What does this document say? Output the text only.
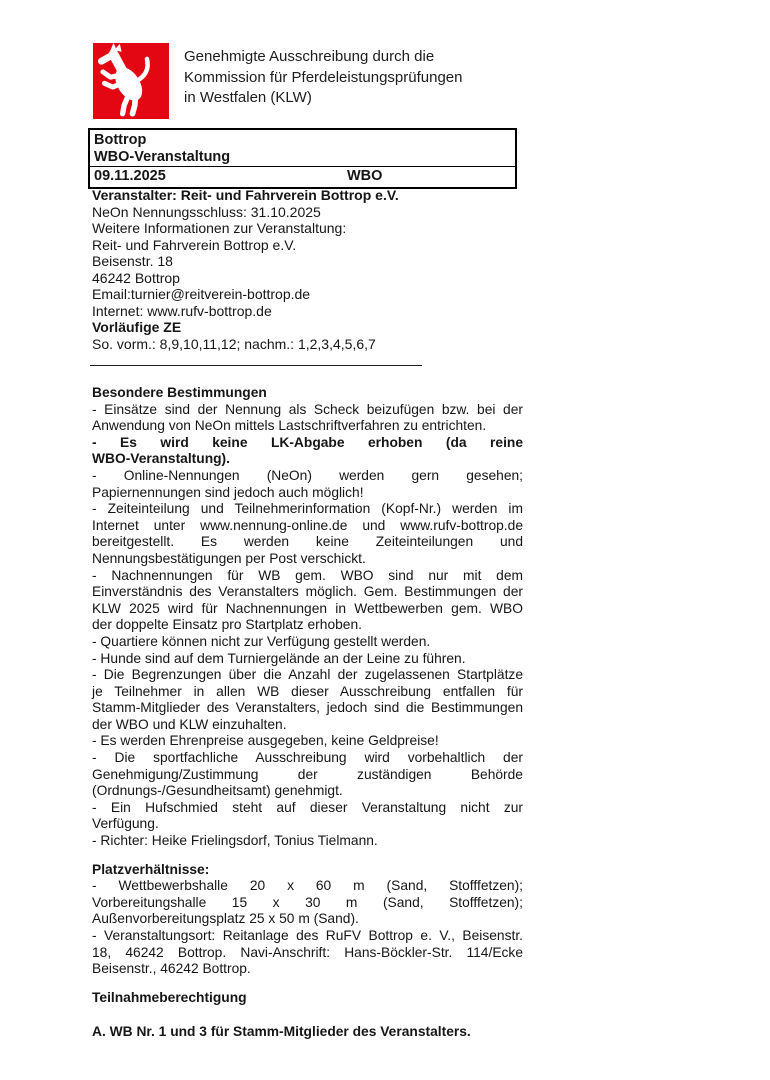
Genehmigte Ausschreibung durch die
Kommission für Pferdeleistungsprüfungen
in Westfalen (KLW)
Bottrop
WBO-Veranstaltung
09.11.2025	WBO
Veranstalter: Reit- und Fahrverein Bottrop e.V.
NeOn Nennungsschluss: 31.10.2025
Weitere Informationen zur Veranstaltung:
Reit- und Fahrverein Bottrop e.V.
Beisenstr. 18
46242 Bottrop
Email:turnier@reitverein-bottrop.de
Internet: www.rufv-bottrop.de
Vorläufige ZE
So. vorm.: 8,9,10,11,12; nachm.: 1,2,3,4,5,6,7
Besondere Bestimmungen
- Einsätze sind der Nennung als Scheck beizufügen bzw. bei der
Anwendung von NeOn mittels Lastschriftverfahren zu entrichten.
- Es wird keine LK-Abgabe erhoben (da reine
WBO-Veranstaltung).
- Online-Nennungen (NeOn) werden gern gesehen;
Papiernennungen sind jedoch auch möglich!
- Zeiteinteilung und Teilnehmerinformation (Kopf-Nr.) werden im
Internet unter www.nennung-online.de und www.rufv-bottrop.de
bereitgestellt. Es werden keine Zeiteinteilungen und
Nennungsbestätigungen per Post verschickt.
- Nachnennungen für WB gem. WBO sind nur mit dem
Einverständnis des Veranstalters möglich. Gem. Bestimmungen der
KLW 2025 wird für Nachnennungen in Wettbewerben gem. WBO
der doppelte Einsatz pro Startplatz erhoben.
- Quartiere können nicht zur Verfügung gestellt werden.
- Hunde sind auf dem Turniergelände an der Leine zu führen.
- Die Begrenzungen über die Anzahl der zugelassenen Startplätze
je Teilnehmer in allen WB dieser Ausschreibung entfallen für
Stamm-Mitglieder des Veranstalters, jedoch sind die Bestimmungen
der WBO und KLW einzuhalten.
- Es werden Ehrenpreise ausgegeben, keine Geldpreise!
- Die sportfachliche Ausschreibung wird vorbehaltlich der
Genehmigung/Zustimmung der zuständigen Behörde
(Ordnungs-/Gesundheitsamt) genehmigt.
- Ein Hufschmied steht auf dieser Veranstaltung nicht zur
Verfügung.
- Richter: Heike Frielingsdorf, Tonius Tielmann.
Platzverhältnisse:
- Wettbewerbshalle 20 x 60 m (Sand, Stofffetzen);
Vorbereitungshalle 15 x 30 m (Sand, Stofffetzen);
Außenvorbereitungsplatz 25 x 50 m (Sand).
- Veranstaltungsort: Reitanlage des RuFV Bottrop e. V., Beisenstr.
18, 46242 Bottrop. Navi-Anschrift: Hans-Böckler-Str. 114/Ecke
Beisenstr., 46242 Bottrop.
Teilnahmeberechtigung
A. WB Nr. 1 und 3 für Stamm-Mitglieder des Veranstalters.
